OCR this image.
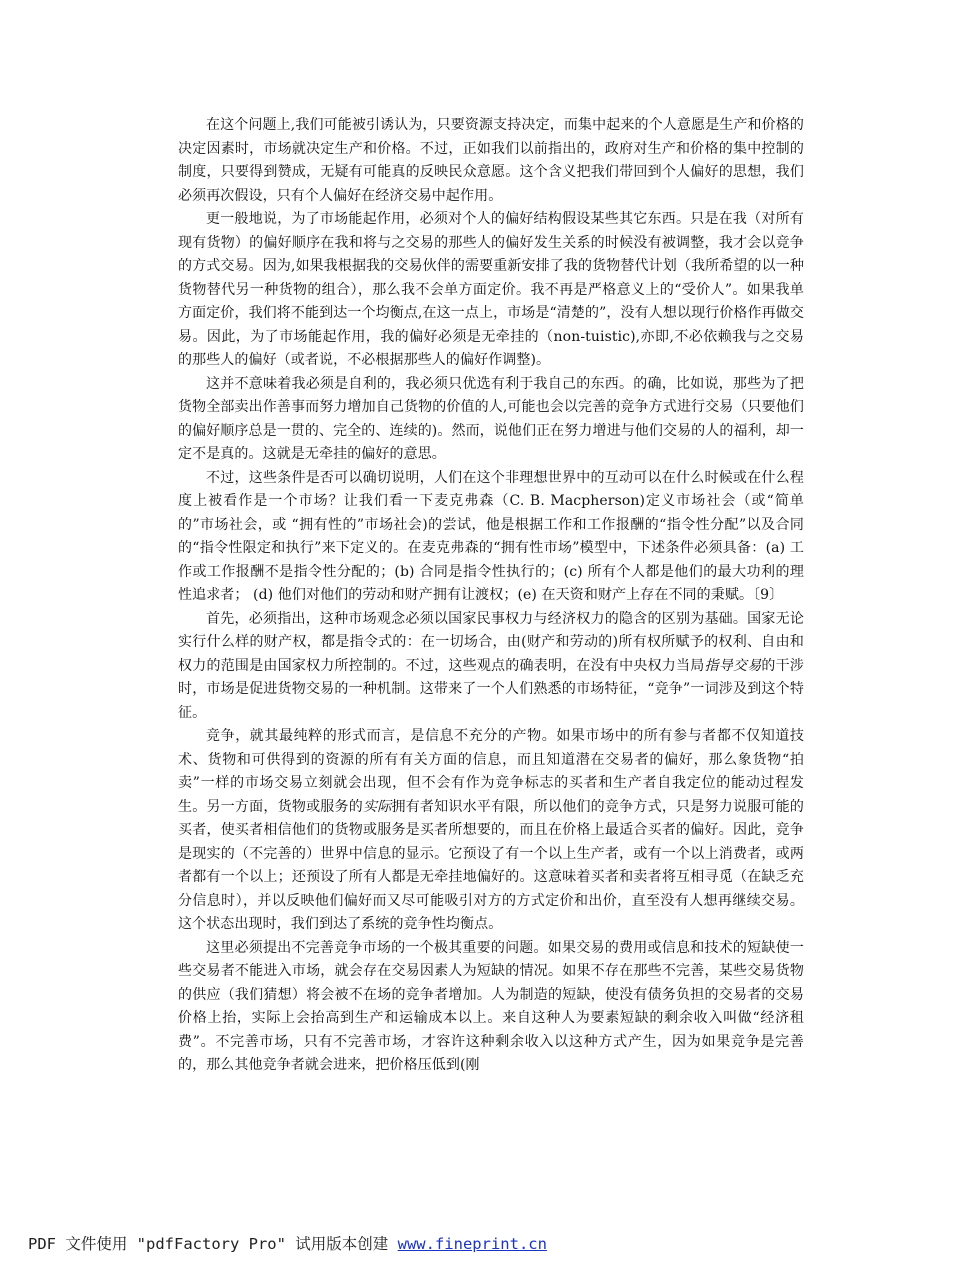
在这个问题上,我们可能被引诱认为，只要资源支持决定，而集中起来的个人意愿是生产和价格的决定因素时，市场就决定生产和价格。不过，正如我们以前指出的，政府对生产和价格的集中控制的制度，只要得到赞成，无疑有可能真的反映民众意愿。这个含义把我们带回到个人偏好的思想，我们必须再次假设，只有个人偏好在经济交易中起作用。

更一般地说，为了市场能起作用，必须对个人的偏好结构假设某些其它东西。只是在我（对所有现有货物）的偏好顺序在我和将与之交易的那些人的偏好发生关系的时候没有被调整，我才会以竞争的方式交易。因为,如果我根据我的交易伙伴的需要重新安排了我的货物替代计划（我所希望的以一种货物替代另一种货物的组合），那么我不会单方面定价。我不再是严格意义上的“受价人”。如果我单方面定价，我们将不能到达一个均衡点,在这一点上，市场是“清楚的”，没有人想以现行价格作再做交易。因此，为了市场能起作用，我的偏好必须是无牵挂的（non-tuistic),亦即,不必依赖我与之交易的那些人的偏好（或者说，不必根据那些人的偏好作调整)。

这并不意味着我必须是自利的，我必须只优选有利于我自己的东西。的确，比如说，那些为了把货物全部卖出作善事而努力增加自己货物的价值的人,可能也会以完善的竞争方式进行交易（只要他们的偏好顺序总是一贯的、完全的、连续的)。然而，说他们正在努力增进与他们交易的人的福利，却一定不是真的。这就是无牵挂的偏好的意思。

不过，这些条件是否可以确切说明，人们在这个非理想世界中的互动可以在什么时候或在什么程度上被看作是一个市场？让我们看一下麦克弗森（C. B. Macpherson)定义市场社会（或“简单的”市场社会，或 “拥有性的”市场社会)的尝试，他是根据工作和工作报酬的“指令性分配”以及合同的“指令性限定和执行”来下定义的。在麦克弗森的“拥有性市场”模型中，下述条件必须具备：(a) 工作或工作报酬不是指令性分配的；(b) 合同是指令性执行的；(c) 所有个人都是他们的最大功利的理性追求者； (d) 他们对他们的劳动和财产拥有让渡权；(e) 在天资和财产上存在不同的秉赋。〔9〕

首先，必须指出，这种市场观念必须以国家民事权力与经济权力的隐含的区别为基础。国家无论实行什么样的财产权，都是指令式的：在一切场合，由(财产和劳动的)所有权所赋予的权利、自由和权力的范围是由国家权力所控制的。不过，这些观点的确表明，在没有中央权力当局指导交易的干涉时，市场是促进货物交易的一种机制。这带来了一个人们熟悉的市场特征，“竞争”一词涉及到这个特征。

竞争，就其最纯粹的形式而言，是信息不充分的产物。如果市场中的所有参与者都不仅知道技术、货物和可供得到的资源的所有有关方面的信息，而且知道潜在交易者的偏好，那么象货物“拍卖”一样的市场交易立刻就会出现，但不会有作为竞争标志的买者和生产者自我定位的能动过程发生。另一方面，货物或服务的实际拥有者知识水平有限，所以他们的竞争方式，只是努力说服可能的买者，使买者相信他们的货物或服务是买者所想要的，而且在价格上最适合买者的偏好。因此，竞争是现实的（不完善的）世界中信息的显示。它预设了有一个以上生产者，或有一个以上消费者，或两者都有一个以上；还预设了所有人都是无牵挂地偏好的。这意味着买者和卖者将互相寻觅（在缺乏充分信息时），并以反映他们偏好而又尽可能吸引对方的方式定价和出价，直至没有人想再继续交易。这个状态出现时，我们到达了系统的竞争性均衡点。

这里必须提出不完善竞争市场的一个极其重要的问题。如果交易的费用或信息和技术的短缺使一些交易者不能进入市场，就会存在交易因素人为短缺的情况。如果不存在那些不完善，某些交易货物的供应（我们猜想）将会被不在场的竞争者增加。人为制造的短缺，使没有债务负担的交易者的交易价格上抬，实际上会抬高到生产和运输成本以上。来自这种人为要素短缺的剩余收入叫做“经济租费”。不完善市场，只有不完善市场，才容许这种剩余收入以这种方式产生，因为如果竞争是完善的，那么其他竞争者就会进来，把价格压低到(刚

PDF 文件使用 "pdfFactory Pro" 试用版本创建 www.fineprint.cn
